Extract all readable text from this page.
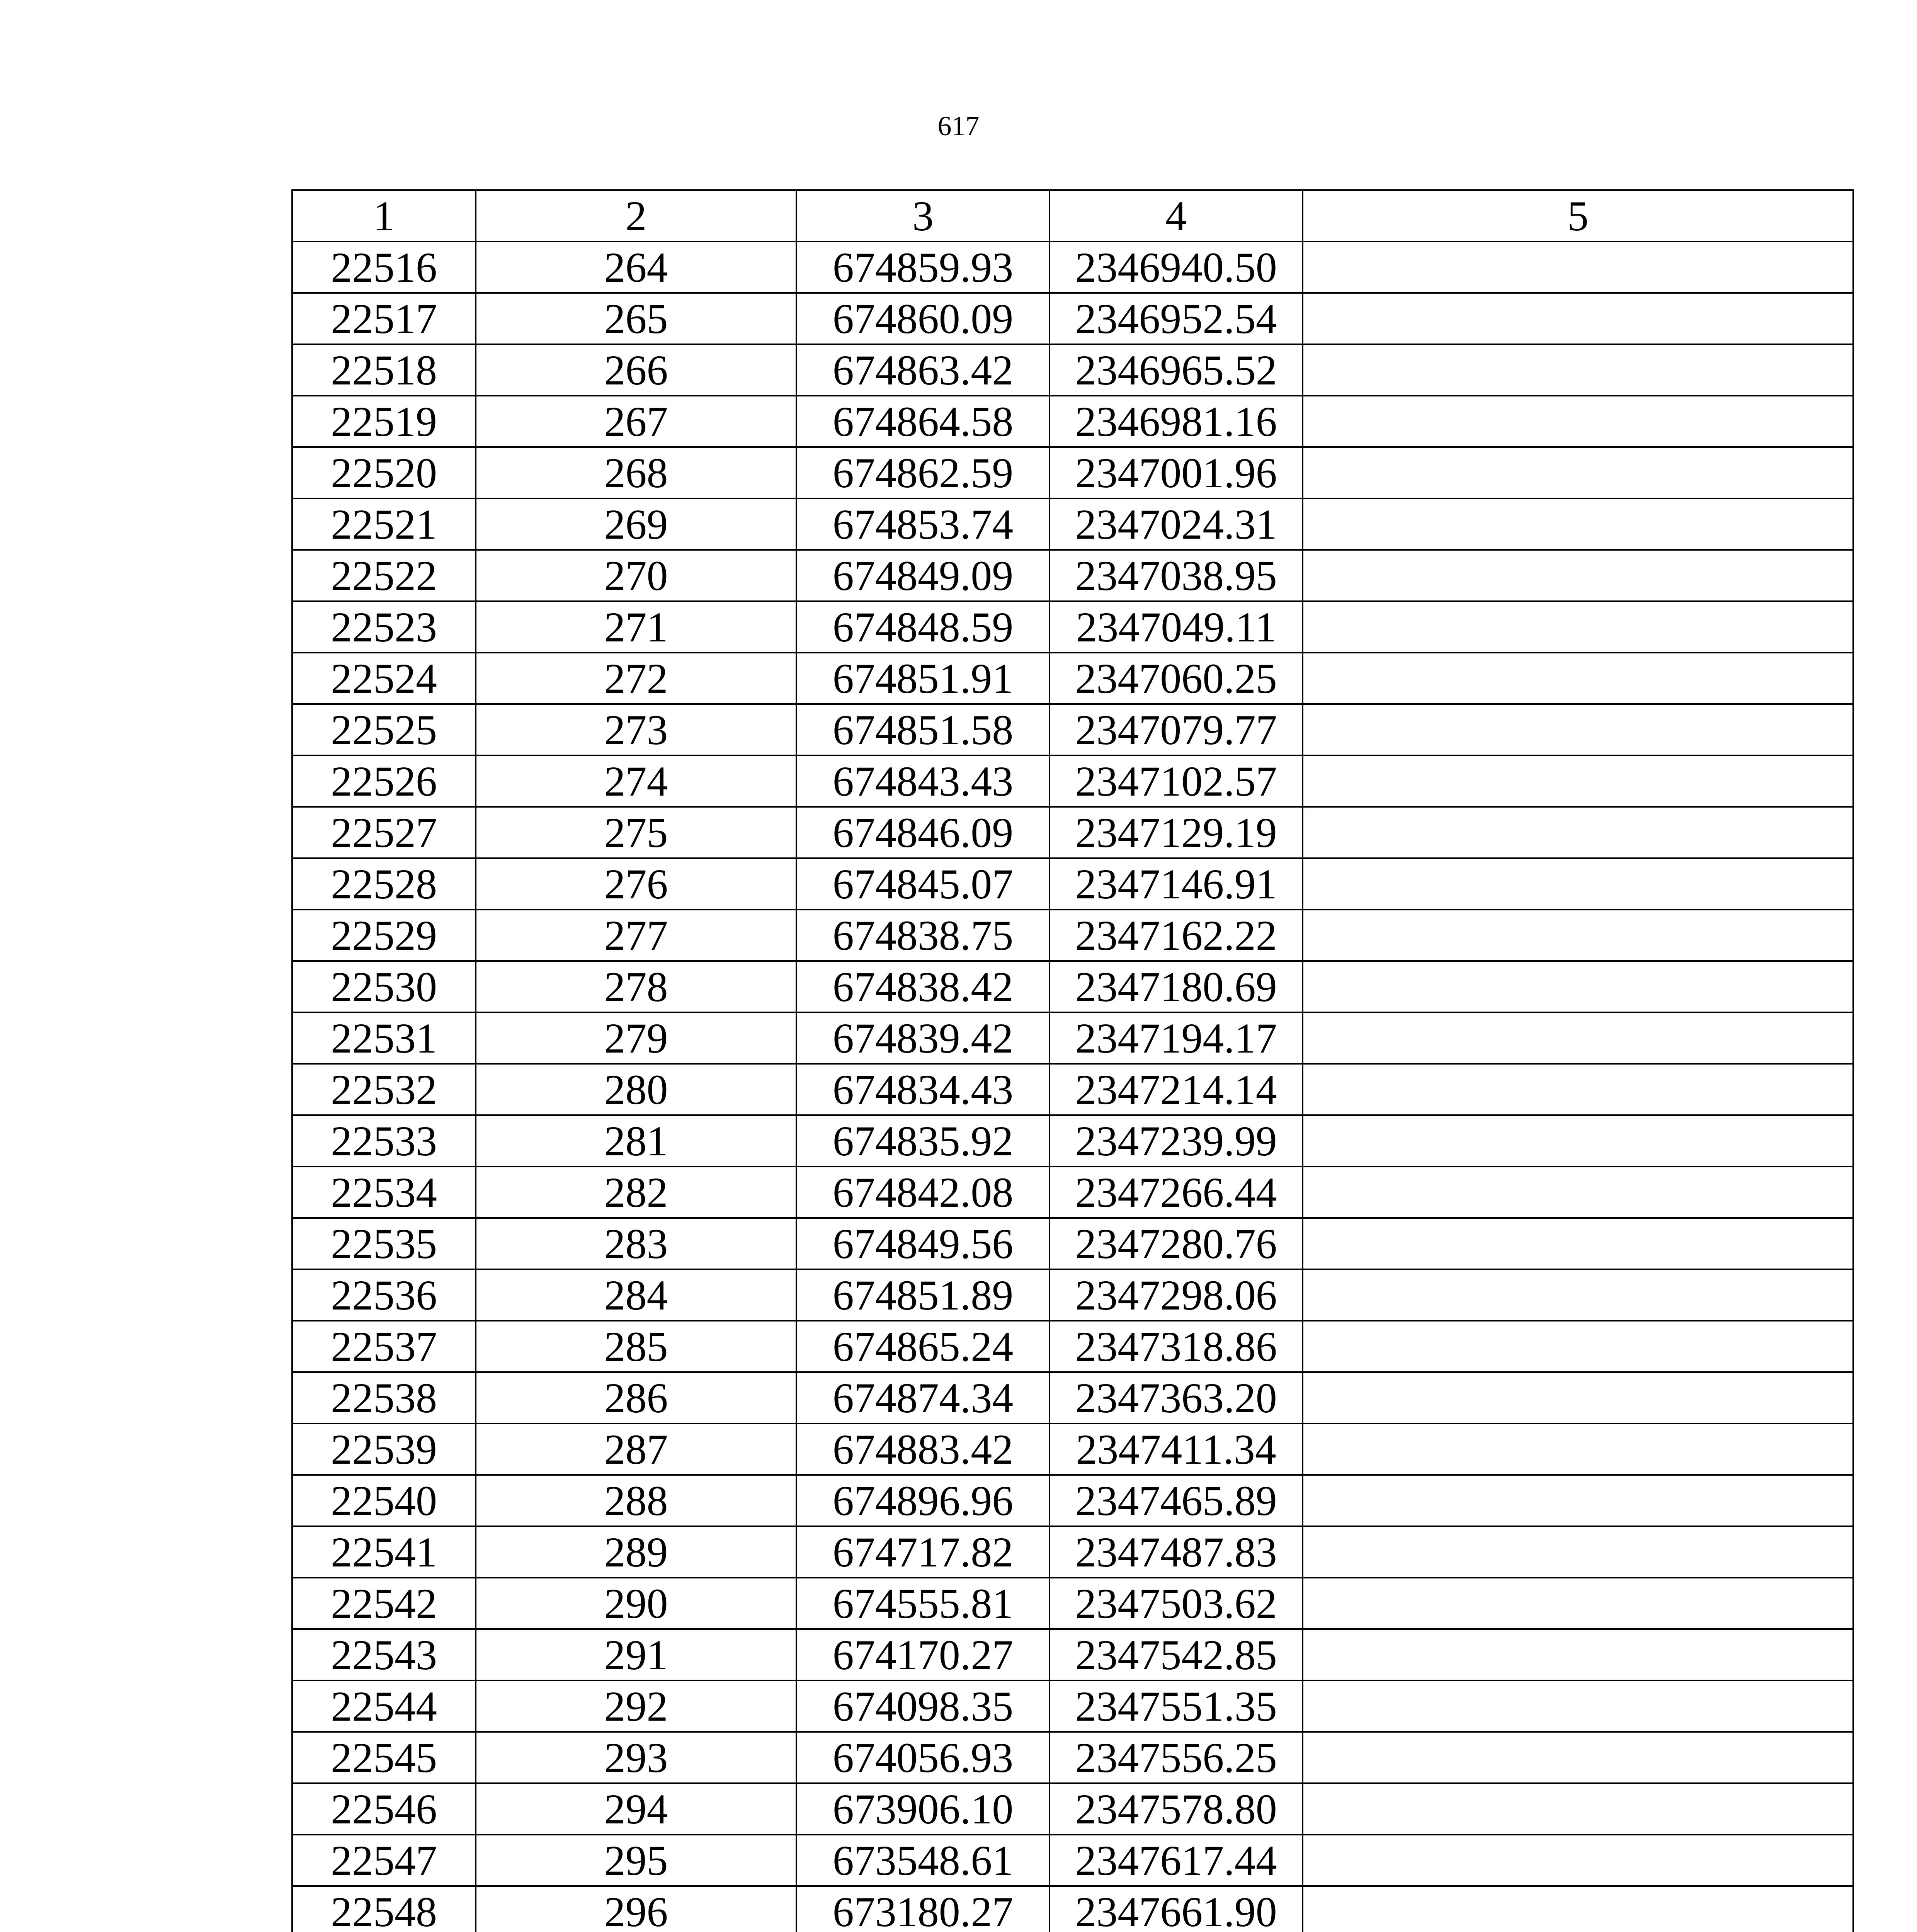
617
1	2	3	4	5
22516	264	674859.93	2346940.50	
22517	265	674860.09	2346952.54	
22518	266	674863.42	2346965.52	
22519	267	674864.58	2346981.16	
22520	268	674862.59	2347001.96	
22521	269	674853.74	2347024.31	
22522	270	674849.09	2347038.95	
22523	271	674848.59	2347049.11	
22524	272	674851.91	2347060.25	
22525	273	674851.58	2347079.77	
22526	274	674843.43	2347102.57	
22527	275	674846.09	2347129.19	
22528	276	674845.07	2347146.91	
22529	277	674838.75	2347162.22	
22530	278	674838.42	2347180.69	
22531	279	674839.42	2347194.17	
22532	280	674834.43	2347214.14	
22533	281	674835.92	2347239.99	
22534	282	674842.08	2347266.44	
22535	283	674849.56	2347280.76	
22536	284	674851.89	2347298.06	
22537	285	674865.24	2347318.86	
22538	286	674874.34	2347363.20	
22539	287	674883.42	2347411.34	
22540	288	674896.96	2347465.89	
22541	289	674717.82	2347487.83	
22542	290	674555.81	2347503.62	
22543	291	674170.27	2347542.85	
22544	292	674098.35	2347551.35	
22545	293	674056.93	2347556.25	
22546	294	673906.10	2347578.80	
22547	295	673548.61	2347617.44	
22548	296	673180.27	2347661.90	
